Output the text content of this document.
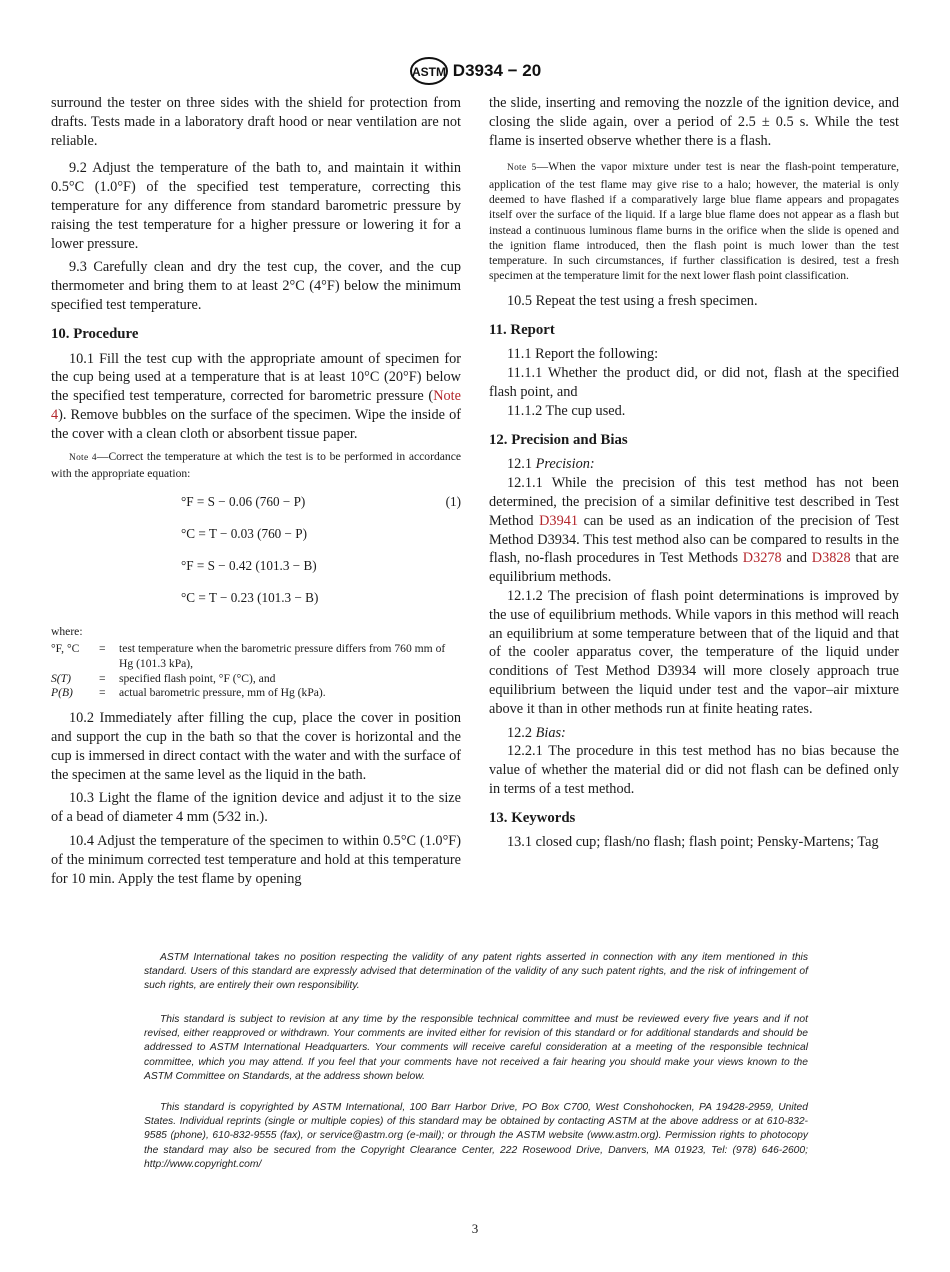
ASTM D3934 − 20

surround the tester on three sides with the shield for protection from drafts. Tests made in a laboratory draft hood or near ventilation are not reliable.

9.2 Adjust the temperature of the bath to, and maintain it within 0.5°C (1.0°F) of the specified test temperature, correcting this temperature for any difference from standard barometric pressure by raising the test temperature for a higher pressure or lowering it for a lower pressure.

9.3 Carefully clean and dry the test cup, the cover, and the cup thermometer and bring them to at least 2°C (4°F) below the minimum specified test temperature.

10. Procedure

10.1 Fill the test cup with the appropriate amount of specimen for the cup being used at a temperature that is at least 10°C (20°F) below the specified test temperature, corrected for barometric pressure (Note 4). Remove bubbles on the surface of the specimen. Wipe the inside of the cover with a clean cloth or absorbent tissue paper.

Note 4—Correct the temperature at which the test is to be performed in accordance with the appropriate equation:

°F = S − 0.06 (760 − P)	(1)
°C = T − 0.03 (760 − P)
°F = S − 0.42 (101.3 − B)
°C = T − 0.23 (101.3 − B)

where:

°F, °C	=	test temperature when the barometric pressure differs from 760 mm of Hg (101.3 kPa),
S(T)	=	specified flash point, °F (°C), and
P(B)	=	actual barometric pressure, mm of Hg (kPa).

10.2 Immediately after filling the cup, place the cover in position and support the cup in the bath so that the cover is horizontal and the cup is immersed in direct contact with the water and with the surface of the specimen at the same level as the liquid in the bath.

10.3 Light the flame of the ignition device and adjust it to the size of a bead of diameter 4 mm (5⁄32 in.).

10.4 Adjust the temperature of the specimen to within 0.5°C (1.0°F) of the minimum corrected test temperature and hold at this temperature for 10 min. Apply the test flame by opening

the slide, inserting and removing the nozzle of the ignition device, and closing the slide again, over a period of 2.5 ± 0.5 s. While the test flame is inserted observe whether there is a flash.

Note 5—When the vapor mixture under test is near the flash-point temperature, application of the test flame may give rise to a halo; however, the material is only deemed to have flashed if a comparatively large blue flame appears and propagates itself over the surface of the liquid. If a large blue flame does not appear as a flash but instead a continuous luminous flame burns in the orifice when the slide is opened and the ignition flame introduced, then the flash point is much lower than the test temperature. In such circumstances, if further classification is desired, test a fresh specimen at the temperature limit for the next lower flash point classification.

10.5 Repeat the test using a fresh specimen.

11. Report

11.1 Report the following:

11.1.1 Whether the product did, or did not, flash at the specified flash point, and

11.1.2 The cup used.

12. Precision and Bias

12.1 Precision:

12.1.1 While the precision of this test method has not been determined, the precision of a similar definitive test described in Test Method D3941 can be used as an indication of the precision of Test Method D3934. This test method also can be compared to results in the flash, no-flash procedures in Test Methods D3278 and D3828 that are equilibrium methods.

12.1.2 The precision of flash point determinations is improved by the use of equilibrium methods. While vapors in this method will reach an equilibrium at some temperature between that of the liquid and that of the cooler apparatus cover, the temperature of the liquid under conditions of Test Method D3934 will more closely approach true equilibrium between the liquid under test and the vapor–air mixture above it than in other methods run at finite heating rates.

12.2 Bias:

12.2.1 The procedure in this test method has no bias because the value of whether the material did or did not flash can be defined only in terms of a test method.

13. Keywords

13.1 closed cup; flash/no flash; flash point; Pensky-Martens; Tag

ASTM International takes no position respecting the validity of any patent rights asserted in connection with any item mentioned in this standard. Users of this standard are expressly advised that determination of the validity of any such patent rights, and the risk of infringement of such rights, are entirely their own responsibility.

This standard is subject to revision at any time by the responsible technical committee and must be reviewed every five years and if not revised, either reapproved or withdrawn. Your comments are invited either for revision of this standard or for additional standards and should be addressed to ASTM International Headquarters. Your comments will receive careful consideration at a meeting of the responsible technical committee, which you may attend. If you feel that your comments have not received a fair hearing you should make your views known to the ASTM Committee on Standards, at the address shown below.

This standard is copyrighted by ASTM International, 100 Barr Harbor Drive, PO Box C700, West Conshohocken, PA 19428-2959, United States. Individual reprints (single or multiple copies) of this standard may be obtained by contacting ASTM at the above address or at 610-832-9585 (phone), 610-832-9555 (fax), or service@astm.org (e-mail); or through the ASTM website (www.astm.org). Permission rights to photocopy the standard may also be secured from the Copyright Clearance Center, 222 Rosewood Drive, Danvers, MA 01923, Tel: (978) 646-2600; http://www.copyright.com/

3
